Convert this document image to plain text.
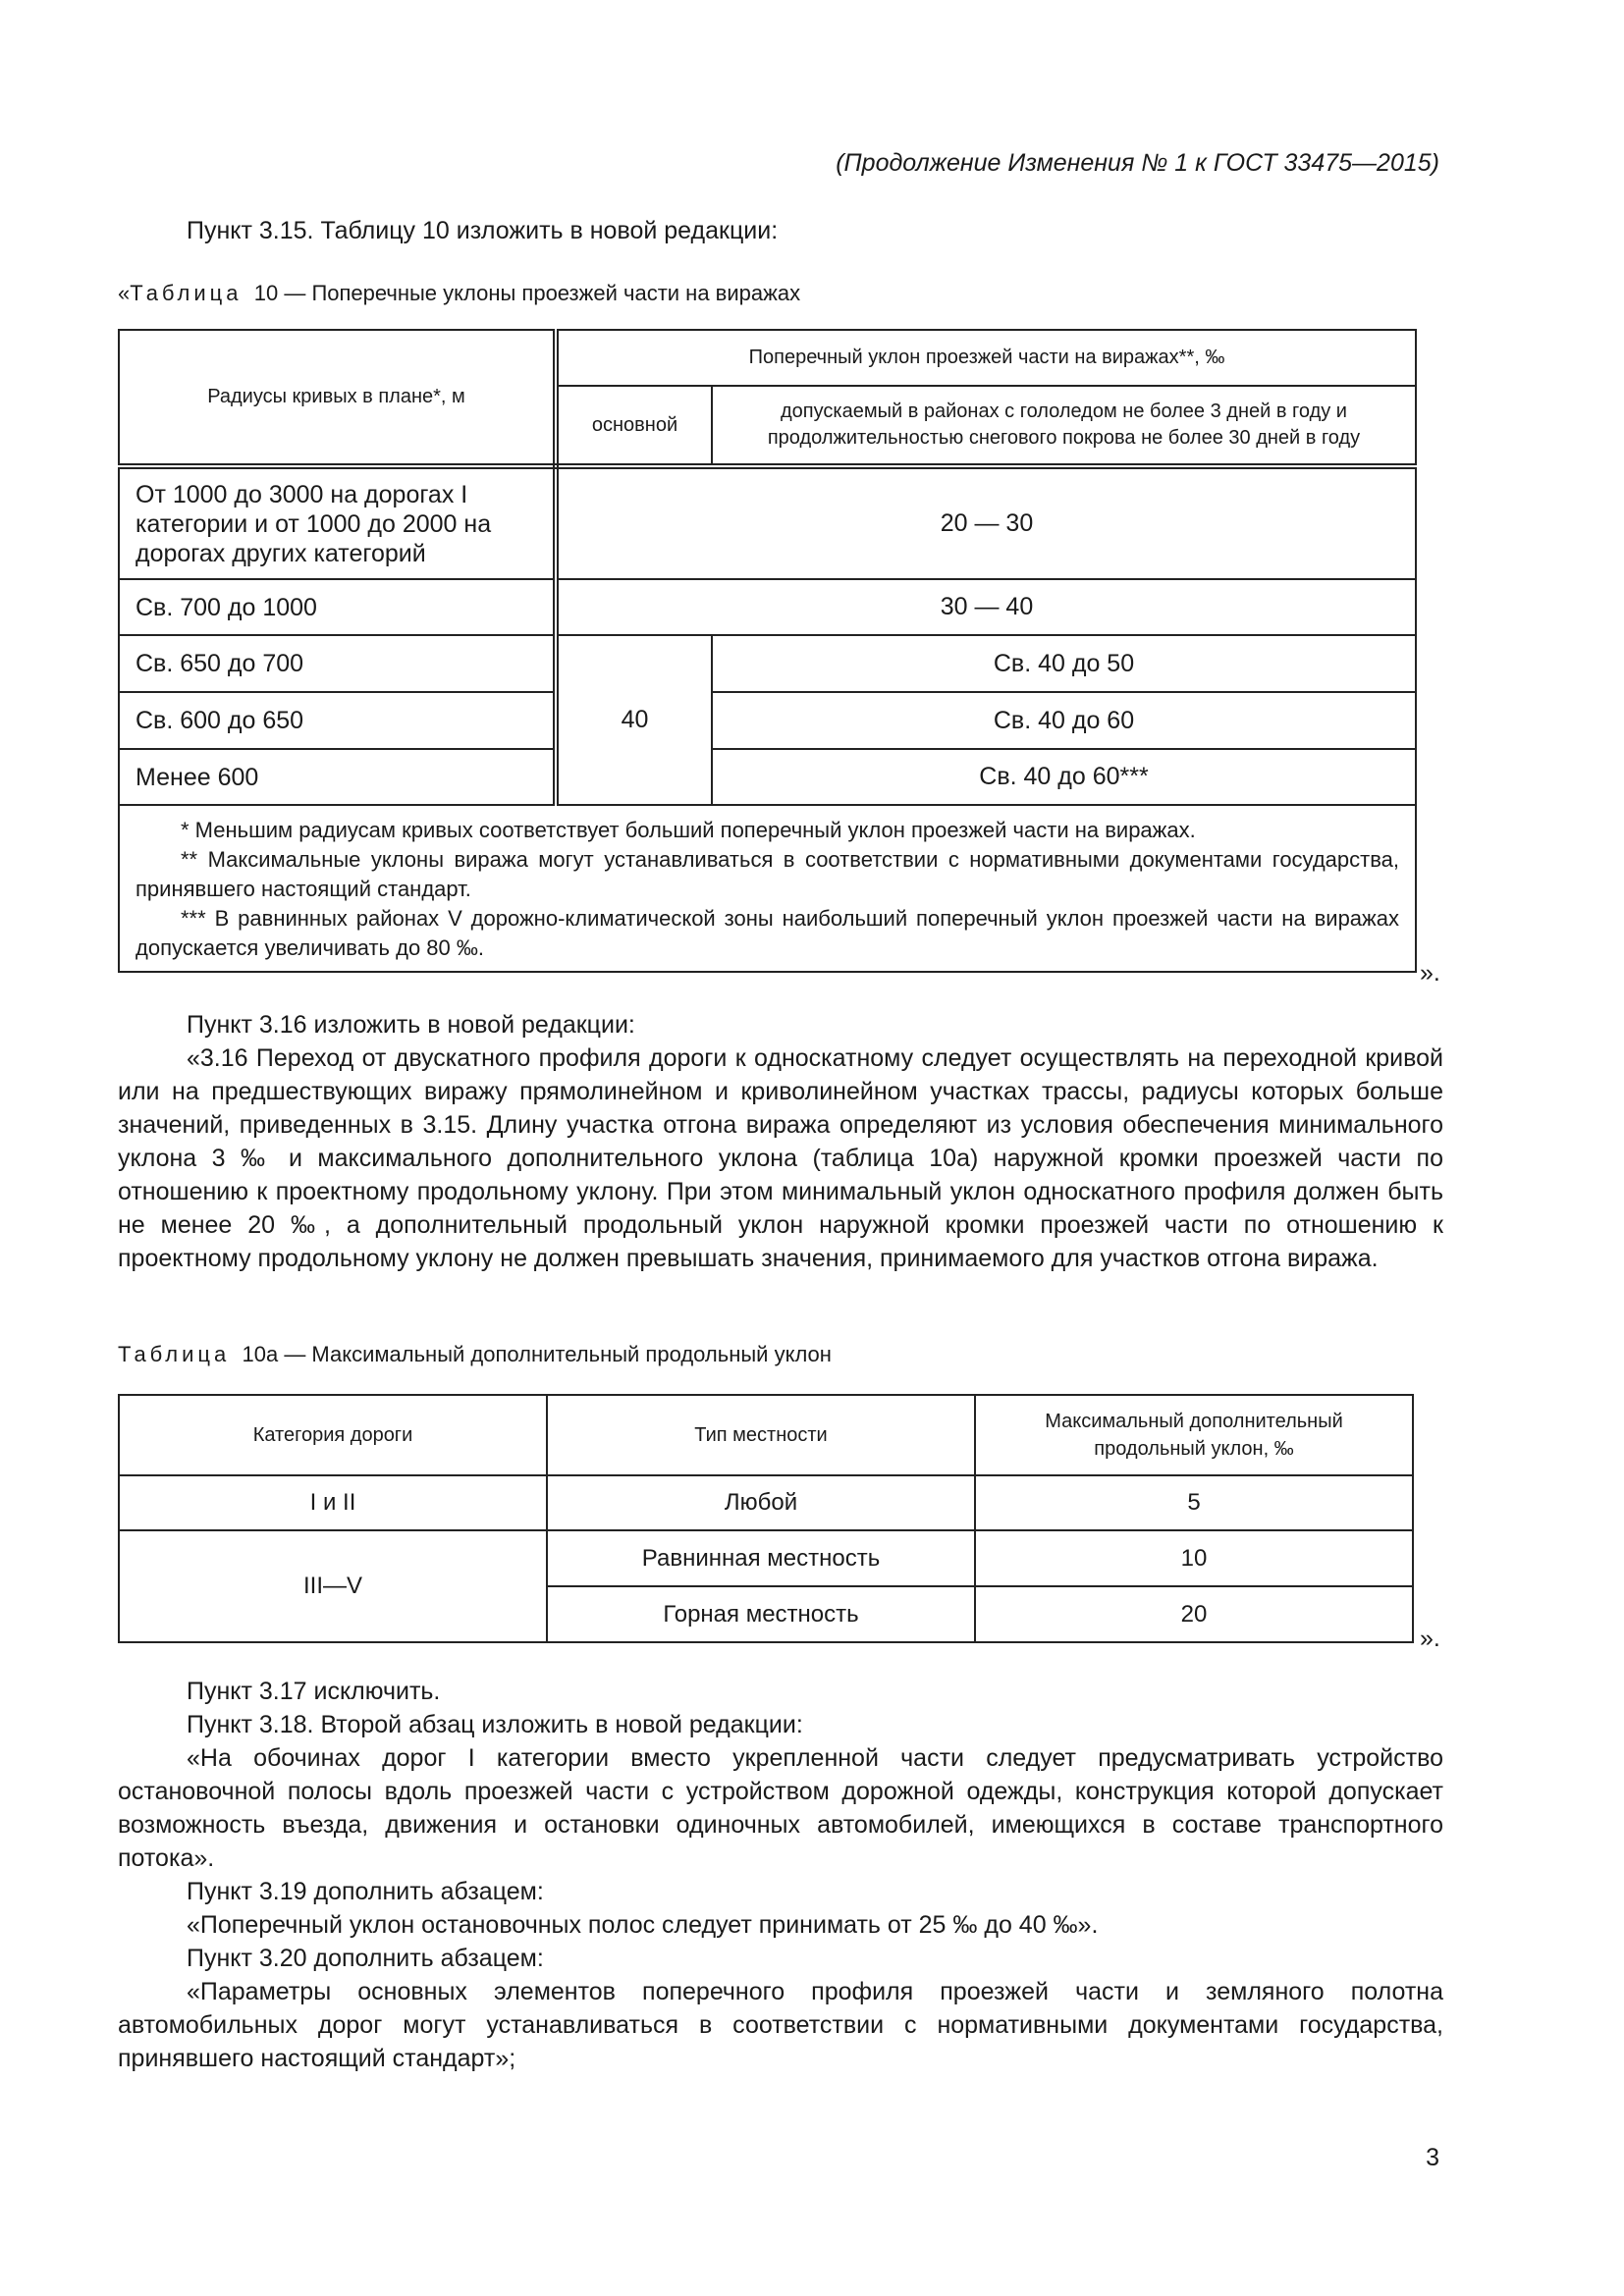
(Продолжение Изменения № 1 к ГОСТ 33475—2015)
Пункт 3.15. Таблицу 10 изложить в новой редакции:
«Таблица 10 — Поперечные уклоны проезжей части на виражах
Радиусы кривых в плане*, м	Поперечный уклон проезжей части на виражах**, ‰	
	основной	допускаемый в районах с гололедом не более 3 дней в году и продолжительностью снегового покрова не более 30 дней в году
От 1000 до 3000 на дорогах I категории и от 1000 до 2000 на дорогах других категорий	20 — 30	
Св. 700 до 1000	30 — 40	
Св. 650 до 700	40	Св. 40 до 50
Св. 600 до 650		Св. 40 до 60
Менее 600		Св. 40 до 60***

* Меньшим радиусам кривых соответствует больший поперечный уклон проезжей части на виражах.

** Максимальные уклоны виража могут устанавливаться в соответствии с нормативными документами государства, принявшего настоящий стандарт.

*** В равнинных районах V дорожно-климатической зоны наибольший поперечный уклон проезжей части на виражах допускается увеличивать до 80 ‰.		

».
Пункт 3.16 изложить в новой редакции:
«3.16 Переход от двускатного профиля дороги к односкатному следует осуществлять на переходной кривой или на предшествующих виражу прямолинейном и криволинейном участках трассы, радиусы которых больше значений, приведенных в 3.15. Длину участка отгона виража определяют из условия обеспечения минимального уклона 3 ‰ и максимального дополнительного уклона (таблица 10а) наружной кромки проезжей части по отношению к проектному продольному уклону. При этом минимальный уклон односкатного профиля должен быть не менее 20 ‰, а дополнительный продольный уклон наружной кромки проезжей части по отношению к проектному продольному уклону не должен превышать значения, принимаемого для участков отгона виража.
Таблица 10а — Максимальный дополнительный продольный уклон
Категория дороги	Тип местности	Максимальный дополнительный продольный уклон, ‰
I и II	Любой	5
III—V	Равнинная местность	10
	Горная местность	20
».
Пункт 3.17 исключить.
Пункт 3.18. Второй абзац изложить в новой редакции:
«На обочинах дорог I категории вместо укрепленной части следует предусматривать устройство остановочной полосы вдоль проезжей части с устройством дорожной одежды, конструкция которой допускает возможность въезда, движения и остановки одиночных автомобилей, имеющихся в составе транспортного потока».
Пункт 3.19 дополнить абзацем:
«Поперечный уклон остановочных полос следует принимать от 25 ‰ до 40 ‰».
Пункт 3.20 дополнить абзацем:
«Параметры основных элементов поперечного профиля проезжей части и земляного полотна автомобильных дорог могут устанавливаться в соответствии с нормативными документами государства, принявшего настоящий стандарт»;
3
